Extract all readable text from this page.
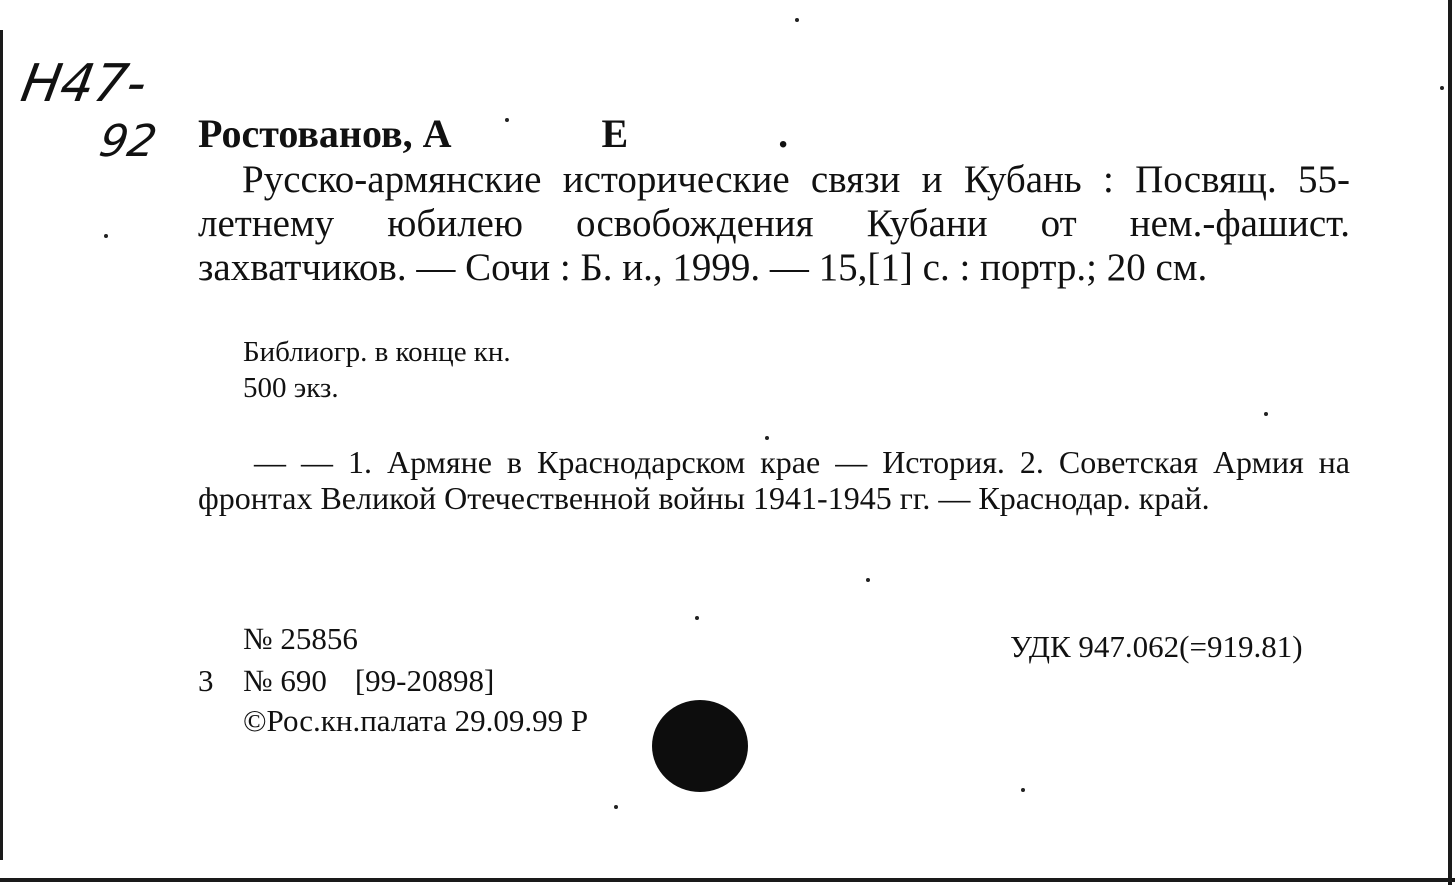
H47-
92 Ростованов, А	Е	.
Русско-армянские исторические связи и Кубань : Посвящ. 55-летнему юбилею освобождения Кубани от нем.-фашист. захватчиков. — Сочи : Б. и., 1999. — 15,[1] с. : портр.; 20 см.
Библиогр. в конце кн.
500 экз.
— — 1. Армяне в Краснодарском крае — История. 2. Советская Армия на фронтах Великой Отечественной войны 1941-1945 гг. — Краснодар. край.
№ 25856	УДК 947.062(=919.81)
3 № 690 [99-20898]
©Рос.кн.палата 29.09.99 Р
